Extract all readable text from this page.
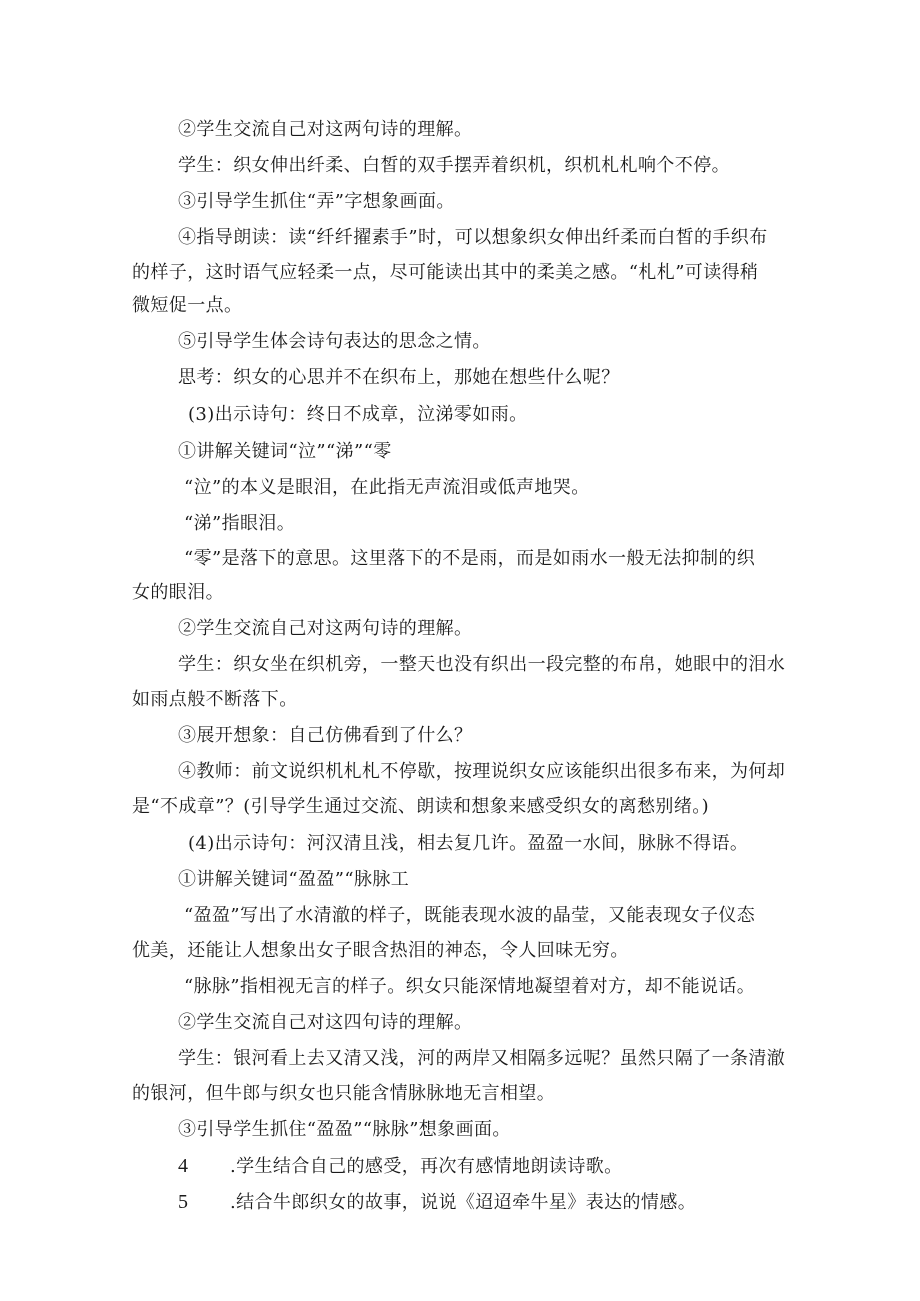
②学生交流自己对这两句诗的理解。
学生：织女伸出纤柔、白皙的双手摆弄着织机，织机札札响个不停。
③引导学生抓住“弄”字想象画面。
④指导朗读：读“纤纤擢素手”时，可以想象织女伸出纤柔而白皙的手织布
的样子，这时语气应轻柔一点，尽可能读出其中的柔美之感。“札札”可读得稍
微短促一点。
⑤引导学生体会诗句表达的思念之情。
思考：织女的心思并不在织布上，那她在想些什么呢？
(3)出示诗句：终日不成章，泣涕零如雨。
①讲解关键词“泣”“涕”“零
“泣”的本义是眼泪，在此指无声流泪或低声地哭。
“涕”指眼泪。
“零”是落下的意思。这里落下的不是雨，而是如雨水一般无法抑制的织
女的眼泪。
②学生交流自己对这两句诗的理解。
学生：织女坐在织机旁，一整天也没有织出一段完整的布帛，她眼中的泪水
如雨点般不断落下。
③展开想象：自己仿佛看到了什么？
④教师：前文说织机札札不停歇，按理说织女应该能织出很多布来，为何却
是“不成章”？(引导学生通过交流、朗读和想象来感受织女的离愁别绪。)
(4)出示诗句：河汉清且浅，相去复几许。盈盈一水间，脉脉不得语。
①讲解关键词“盈盈”“脉脉工
“盈盈”写出了水清澈的样子，既能表现水波的晶莹，又能表现女子仪态
优美，还能让人想象出女子眼含热泪的神态，令人回味无穷。
“脉脉”指相视无言的样子。织女只能深情地凝望着对方，却不能说话。
②学生交流自己对这四句诗的理解。
学生：银河看上去又清又浅，河的两岸又相隔多远呢？虽然只隔了一条清澈
的银河，但牛郎与织女也只能含情脉脉地无言相望。
③引导学生抓住“盈盈”“脉脉”想象画面。
4 .学生结合自己的感受，再次有感情地朗读诗歌。
5 .结合牛郎织女的故事，说说《迢迢牵牛星》表达的情感。
